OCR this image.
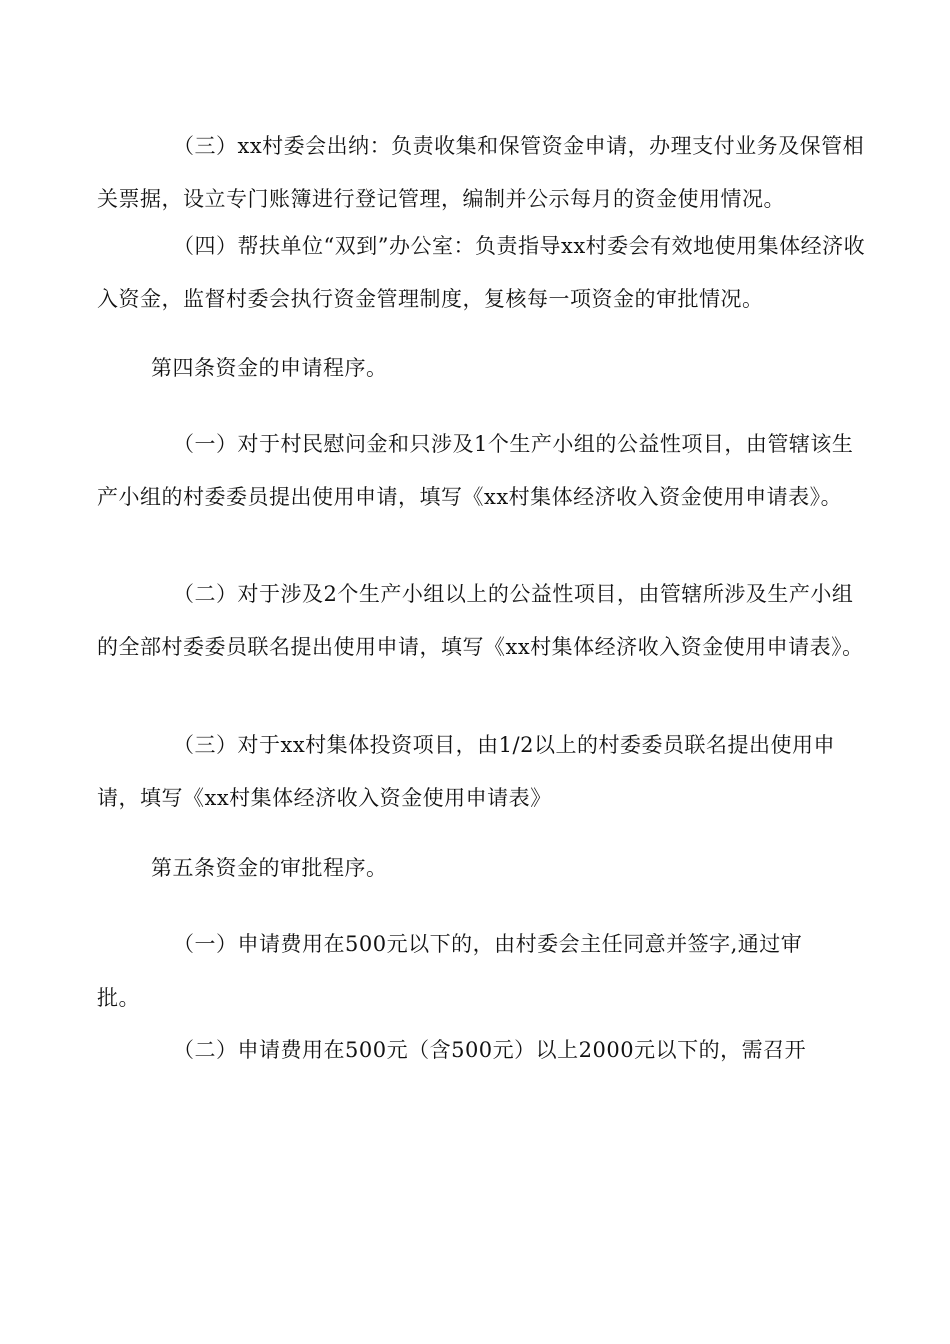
（三）xx村委会出纳：负责收集和保管资金申请，办理支付业务及保管相关票据，设立专门账簿进行登记管理，编制并公示每月的资金使用情况。

（四）帮扶单位“双到”办公室：负责指导xx村委会有效地使用集体经济收入资金，监督村委会执行资金管理制度，复核每一项资金的审批情况。

第四条资金的申请程序。

（一）对于村民慰问金和只涉及1个生产小组的公益性项目，由管辖该生产小组的村委委员提出使用申请，填写《xx村集体经济收入资金使用申请表》。

（二）对于涉及2个生产小组以上的公益性项目，由管辖所涉及生产小组的全部村委委员联名提出使用申请，填写《xx村集体经济收入资金使用申请表》。

（三）对于xx村集体投资项目，由1/2以上的村委委员联名提出使用申请，填写《xx村集体经济收入资金使用申请表》

第五条资金的审批程序。

（一）申请费用在500元以下的，由村委会主任同意并签字,通过审

批。

（二）申请费用在500元（含500元）以上2000元以下的，需召开
